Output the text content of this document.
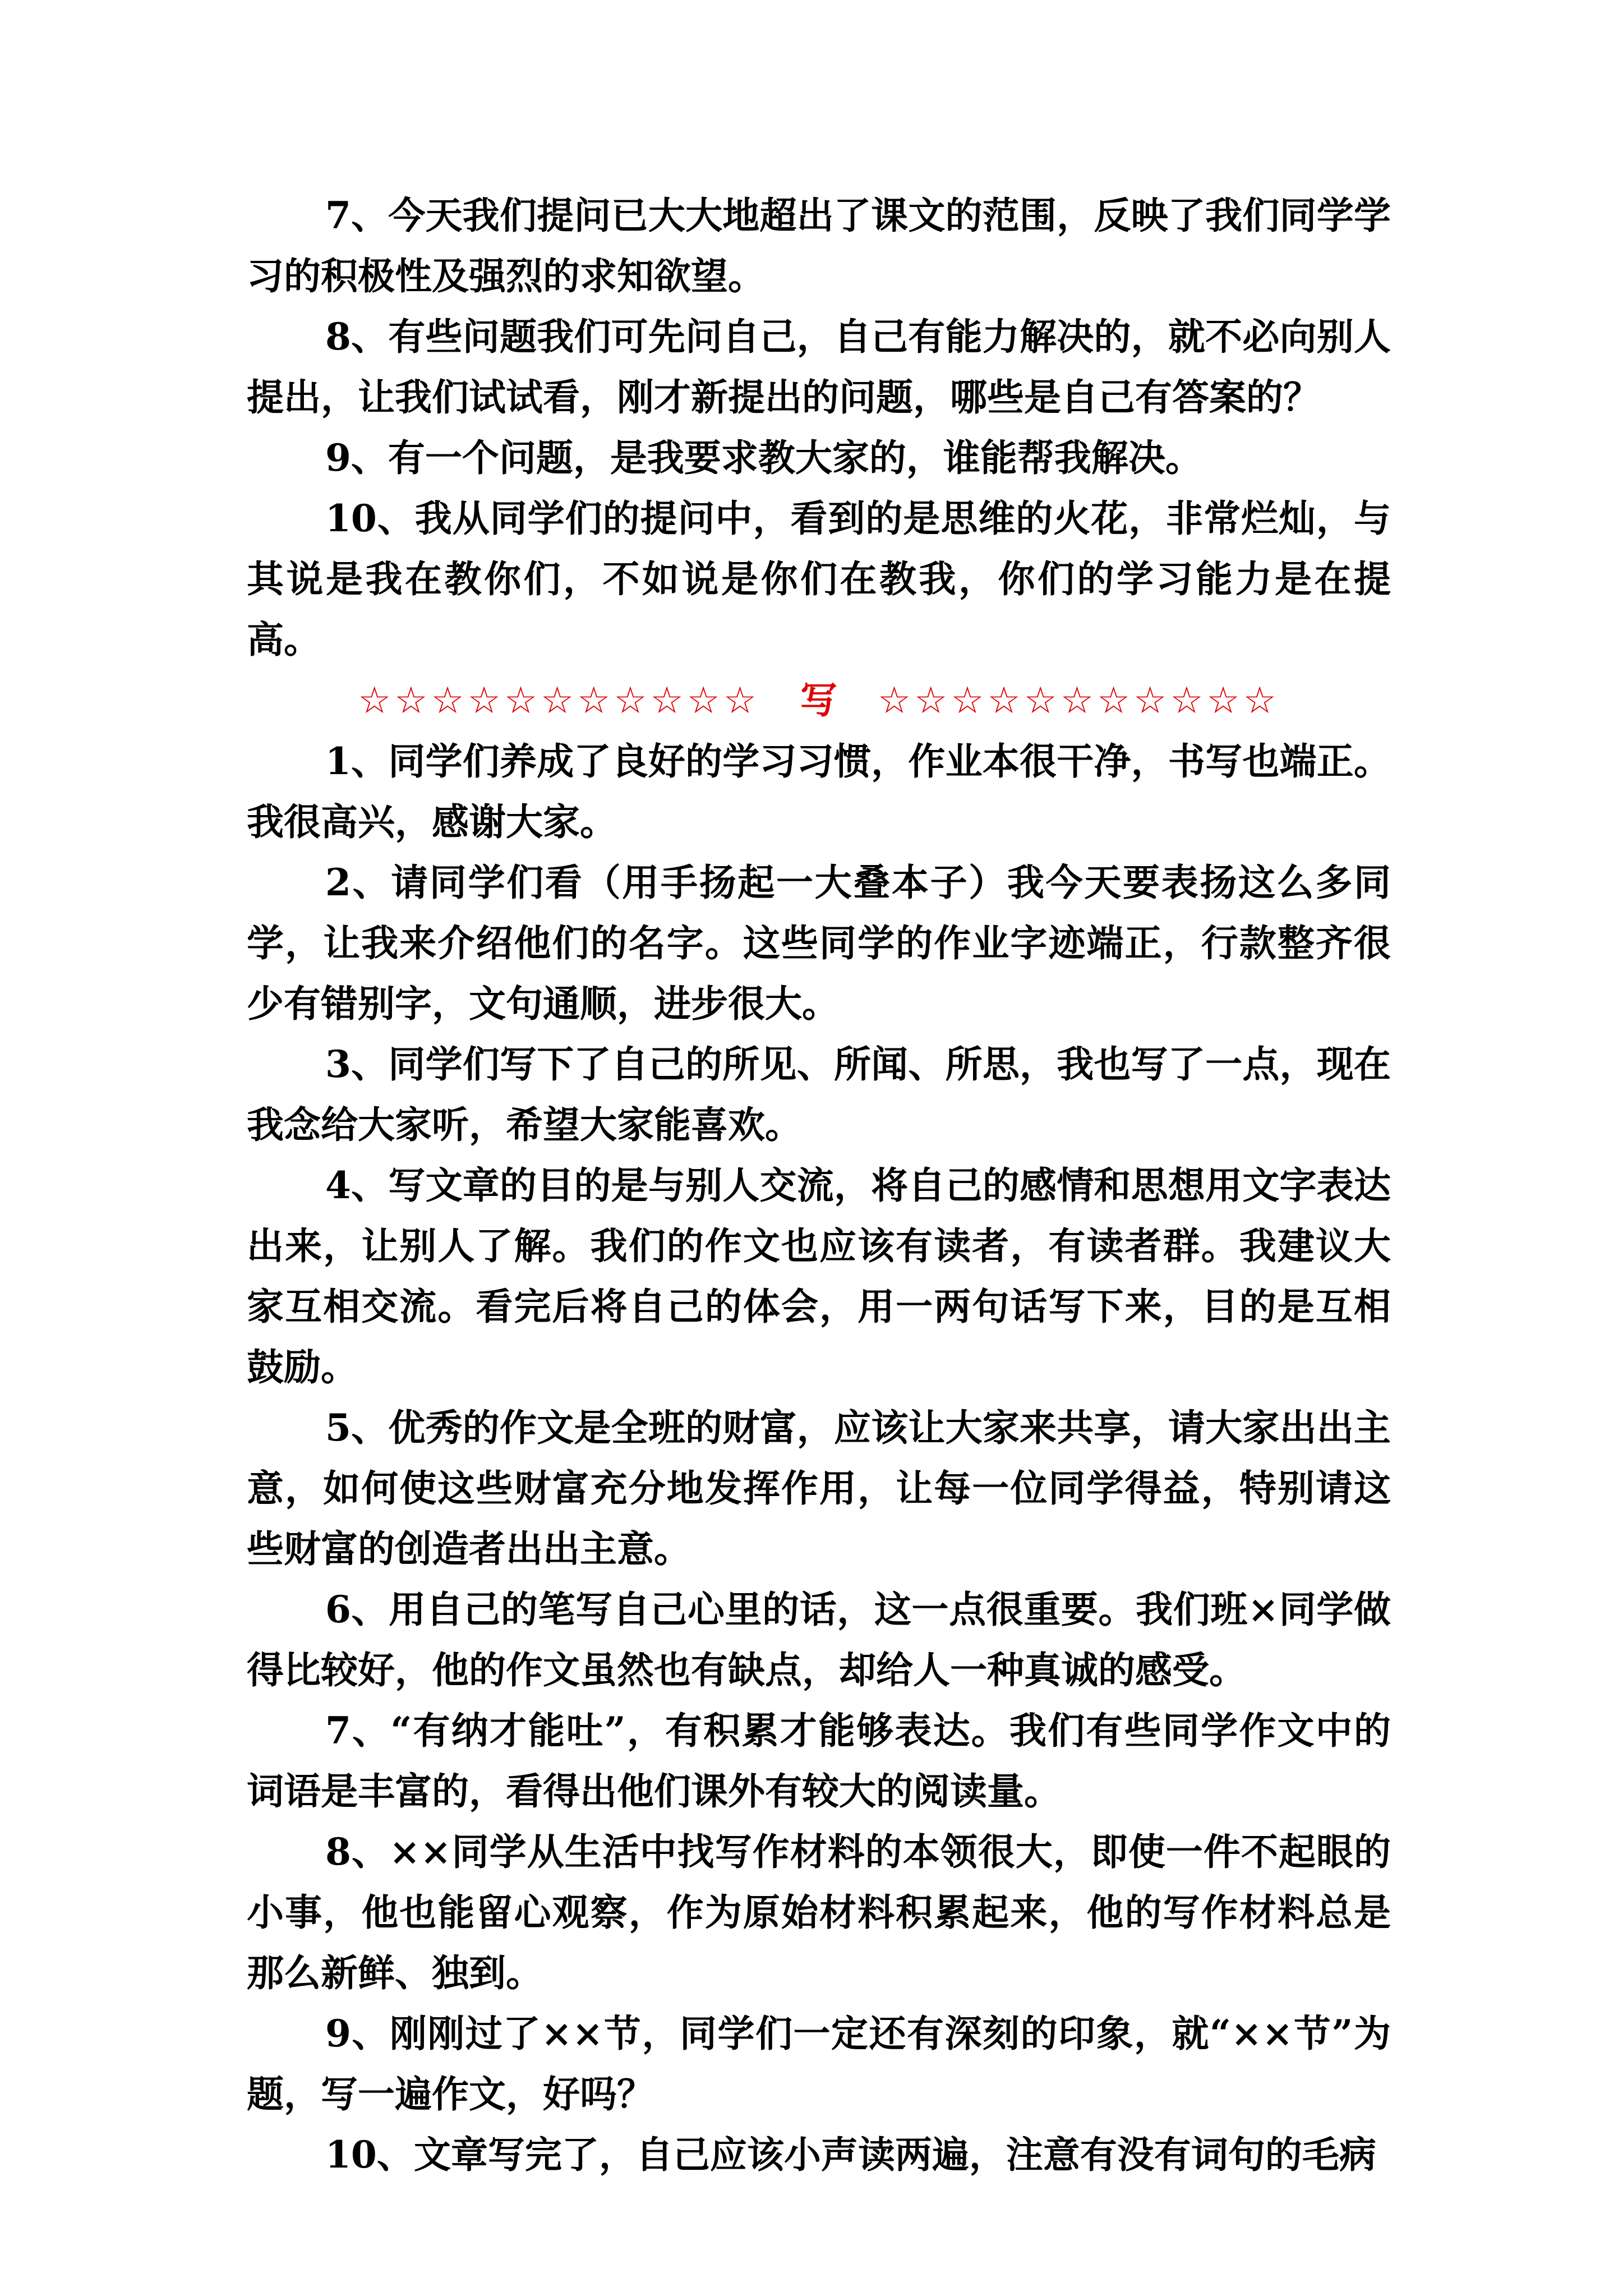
7、今天我们提问已大大地超出了课文的范围，反映了我们同学学习的积极性及强烈的求知欲望。

8、有些问题我们可先问自己，自己有能力解决的，就不必向别人提出，让我们试试看，刚才新提出的问题，哪些是自己有答案的？

9、有一个问题，是我要求教大家的，谁能帮我解决。

10、我从同学们的提问中，看到的是思维的火花，非常烂灿，与其说是我在教你们，不如说是你们在教我，你们的学习能力是在提高。

☆☆☆☆☆☆☆☆☆☆☆ 写 ☆☆☆☆☆☆☆☆☆☆☆

1、同学们养成了良好的学习习惯，作业本很干净，书写也端正。我很高兴，感谢大家。

2、请同学们看（用手扬起一大叠本子）我今天要表扬这么多同学，让我来介绍他们的名字。这些同学的作业字迹端正，行款整齐很少有错别字，文句通顺，进步很大。

3、同学们写下了自己的所见、所闻、所思，我也写了一点，现在我念给大家听，希望大家能喜欢。

4、写文章的目的是与别人交流，将自己的感情和思想用文字表达出来，让别人了解。我们的作文也应该有读者，有读者群。我建议大家互相交流。看完后将自己的体会，用一两句话写下来，目的是互相鼓励。

5、优秀的作文是全班的财富，应该让大家来共享，请大家出出主意，如何使这些财富充分地发挥作用，让每一位同学得益，特别请这些财富的创造者出出主意。

6、用自己的笔写自己心里的话，这一点很重要。我们班×同学做得比较好，他的作文虽然也有缺点，却给人一种真诚的感受。

7、“有纳才能吐”，有积累才能够表达。我们有些同学作文中的词语是丰富的，看得出他们课外有较大的阅读量。

8、××同学从生活中找写作材料的本领很大，即使一件不起眼的小事，他也能留心观察，作为原始材料积累起来，他的写作材料总是那么新鲜、独到。

9、刚刚过了××节，同学们一定还有深刻的印象，就“××节”为题，写一遍作文，好吗？

10、文章写完了，自己应该小声读两遍，注意有没有词句的毛病
